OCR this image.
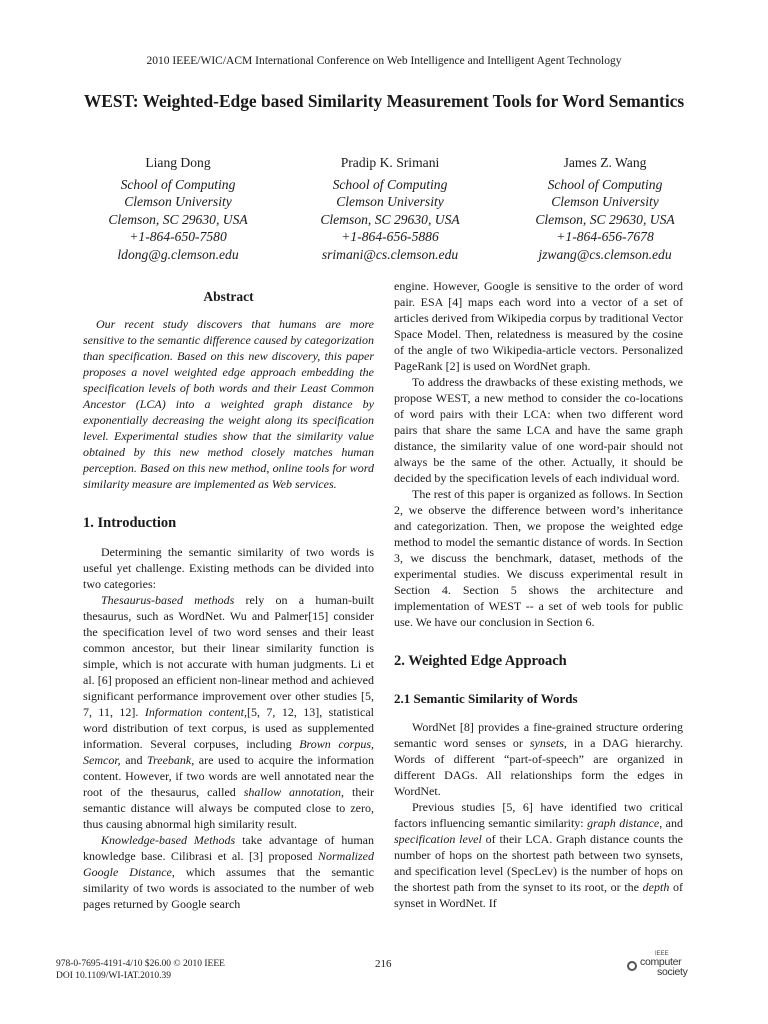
2010 IEEE/WIC/ACM International Conference on Web Intelligence and Intelligent Agent Technology
WEST: Weighted-Edge based Similarity Measurement Tools for Word Semantics
Liang Dong
School of Computing
Clemson University
Clemson, SC 29630, USA
+1-864-650-7580
ldong@g.clemson.edu
Pradip K. Srimani
School of Computing
Clemson University
Clemson, SC 29630, USA
+1-864-656-5886
srimani@cs.clemson.edu
James Z. Wang
School of Computing
Clemson University
Clemson, SC 29630, USA
+1-864-656-7678
jzwang@cs.clemson.edu
Abstract

Our recent study discovers that humans are more sensitive to the semantic difference caused by categorization than specification. Based on this new discovery, this paper proposes a novel weighted edge approach embedding the specification levels of both words and their Least Common Ancestor (LCA) into a weighted graph distance by exponentially decreasing the weight along its specification level. Experimental studies show that the similarity value obtained by this new method closely matches human perception. Based on this new method, online tools for word similarity measure are implemented as Web services.

1. Introduction

Determining the semantic similarity of two words is useful yet challenge. Existing methods can be divided into two categories:

Thesaurus-based methods rely on a human-built thesaurus, such as WordNet. Wu and Palmer[15] consider the specification level of two word senses and their least common ancestor, but their linear similarity function is simple, which is not accurate with human judgments. Li et al. [6] proposed an efficient non-linear method and achieved significant performance improvement over other studies [5, 7, 11, 12]. Information content,[5, 7, 12, 13], statistical word distribution of text corpus, is used as supplemented information. Several corpuses, including Brown corpus, Semcor, and Treebank, are used to acquire the information content. However, if two words are well annotated near the root of the thesaurus, called shallow annotation, their semantic distance will always be computed close to zero, thus causing abnormal high similarity result.

Knowledge-based Methods take advantage of human knowledge base. Cilibrasi et al. [3] proposed Normalized Google Distance, which assumes that the semantic similarity of two words is associated to the number of web pages returned by Google search

engine. However, Google is sensitive to the order of word pair. ESA [4] maps each word into a vector of a set of articles derived from Wikipedia corpus by traditional Vector Space Model. Then, relatedness is measured by the cosine of the angle of two Wikipedia-article vectors. Personalized PageRank [2] is used on WordNet graph.

To address the drawbacks of these existing methods, we propose WEST, a new method to consider the co-locations of word pairs with their LCA: when two different word pairs that share the same LCA and have the same graph distance, the similarity value of one word-pair should not always be the same of the other. Actually, it should be decided by the specification levels of each individual word.

The rest of this paper is organized as follows. In Section 2, we observe the difference between word’s inheritance and categorization. Then, we propose the weighted edge method to model the semantic distance of words. In Section 3, we discuss the benchmark, dataset, methods of the experimental studies. We discuss experimental result in Section 4. Section 5 shows the architecture and implementation of WEST -- a set of web tools for public use. We have our conclusion in Section 6.

2. Weighted Edge Approach
2.1 Semantic Similarity of Words

WordNet [8] provides a fine-grained structure ordering semantic word senses or synsets, in a DAG hierarchy. Words of different “part-of-speech” are organized in different DAGs. All relationships form the edges in WordNet.

Previous studies [5, 6] have identified two critical factors influencing semantic similarity: graph distance, and specification level of their LCA. Graph distance counts the number of hops on the shortest path between two synsets, and specification level (SpecLev) is the number of hops on the shortest path from the synset to its root, or the depth of synset in WordNet. If

978-0-7695-4191-4/10 $26.00 © 2010 IEEE
DOI 10.1109/WI-IAT.2010.39
216
IEEE
computer
society
